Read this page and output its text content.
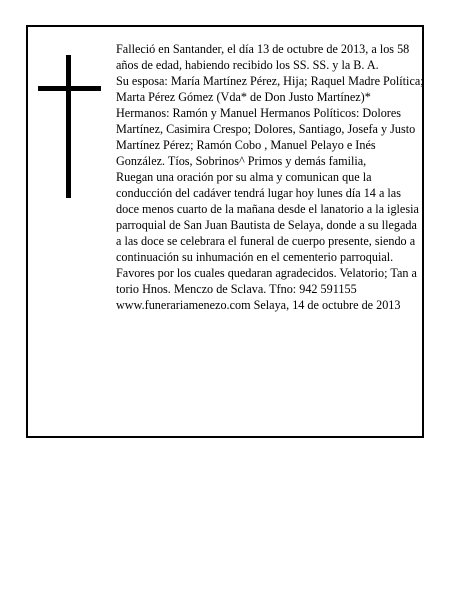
Falleció en Santander, el día 13 de octubre de 2013, a los 58 años de edad, habiendo recibido los SS. SS. y la B. A.

Su esposa: María Martínez Pérez, Hija; Raquel Madre Política; Marta Pérez Gómez (Vda* de Don Justo Martínez)* Hermanos: Ramón y Manuel Hermanos Políticos: Dolores Martínez, Casimira Crespo; Dolores, Santiago, Josefa y Justo Martínez Pérez; Ramón Cobo , Manuel Pelayo e Inés González. Tíos, Sobrinos^ Primos y demás familia,

Ruegan una oración por su alma y comunican que la conducción del cadáver tendrá lugar hoy lunes día 14 a las doce menos cuarto de la mañana desde el lanatorio a la iglesia parroquial de San Juan Bautista de Selaya, donde a su llegada a las doce se celebrara el funeral de cuerpo presente, siendo a continuación su inhumación en el cementerio parroquial. Favores por los cuales quedaran agradecidos. Velatorio; Tan a torio Hnos. Menczo de Sclava. Tfno: 942 591155 www.funerariamenezo.com Selaya, 14 de octubre de 2013
